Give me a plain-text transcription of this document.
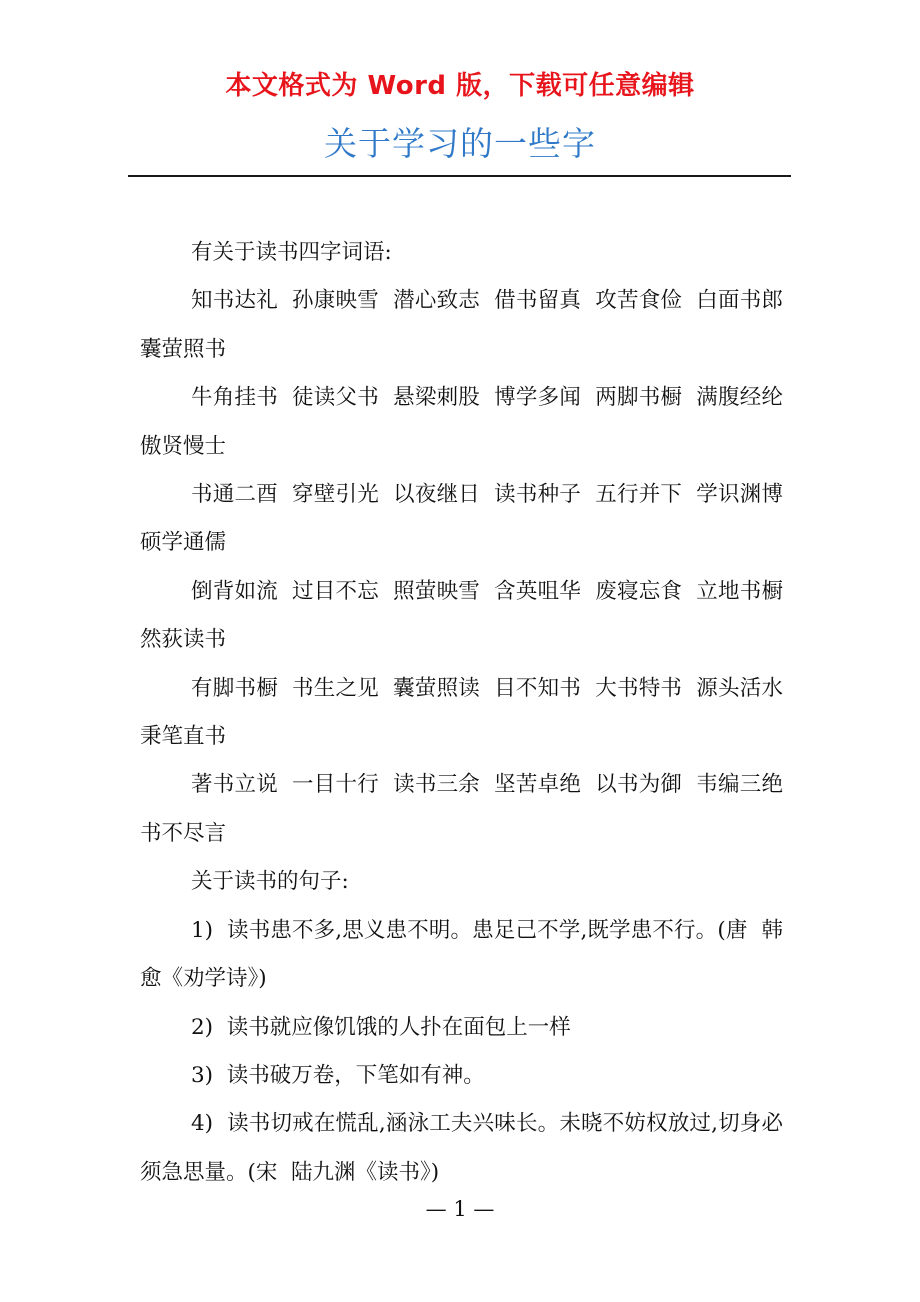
本文格式为 Word 版，下载可任意编辑
关于学习的一些字

有关于读书四字词语:

知书达礼  孙康映雪  潜心致志  借书留真  攻苦食俭  白面书郎  囊萤照书

牛角挂书  徒读父书  悬梁刺股  博学多闻  两脚书橱  满腹经纶  傲贤慢士

书通二酉  穿壁引光  以夜继日  读书种子  五行并下  学识渊博  硕学通儒

倒背如流  过目不忘  照萤映雪  含英咀华  废寝忘食  立地书橱  然荻读书

有脚书橱  书生之见  囊萤照读  目不知书  大书特书  源头活水  秉笔直书

著书立说  一目十行  读书三余  坚苦卓绝  以书为御  韦编三绝  书不尽言

关于读书的句子:

1)  读书患不多,思义患不明。患足己不学,既学患不行。(唐  韩愈《劝学诗》)

2)  读书就应像饥饿的人扑在面包上一样

3)  读书破万卷，下笔如有神。

4)  读书切戒在慌乱,涵泳工夫兴味长。未晓不妨权放过,切身必须急思量。(宋  陆九渊《读书》)

— 1 —
